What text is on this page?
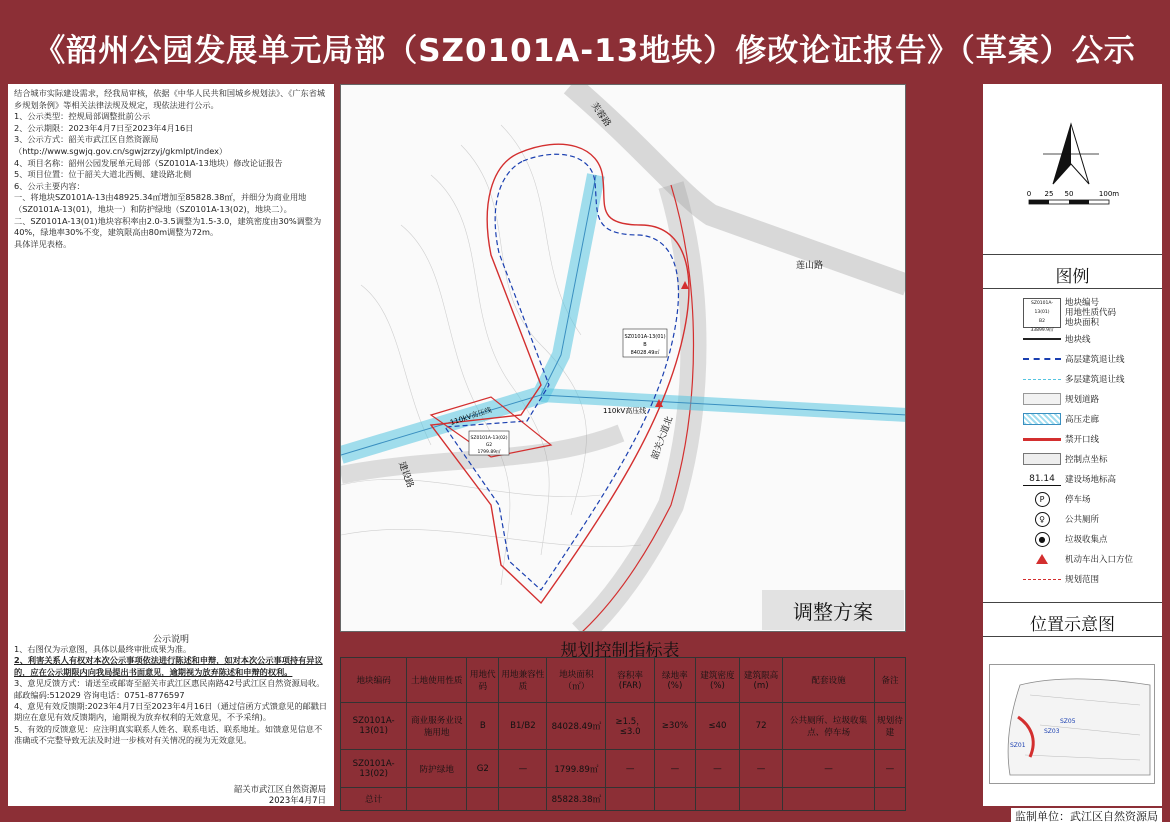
《韶州公园发展单元局部（SZ0101A-13地块）修改论证报告》（草案）公示

结合城市实际建设需求，经我局审核，依据《中华人民共和国城乡规划法》、《广东省城乡规划条例》等相关法律法规及规定，现依法进行公示。

1、公示类型：控规局部调整批前公示

2、公示期限：2023年4月7日至2023年4月16日

3、公示方式：韶关市武江区自然资源局（http://www.sgwjq.gov.cn/sgwjzrzyj/gkmlpt/index）

4、项目名称：韶州公园发展单元局部（SZ0101A-13地块）修改论证报告

5、项目位置：位于韶关大道北西侧、建设路北侧

6、公示主要内容：

一、将地块SZ0101A-13由48925.34㎡增加至85828.38㎡，并细分为商业用地（SZ0101A-13(01)，地块一）和防护绿地（SZ0101A-13(02)，地块二）。

二、SZ0101A-13(01)地块容积率由2.0-3.5调整为1.5-3.0，建筑密度由30%调整为40%，绿地率30%不变，建筑限高由80m调整为72m。

具体详见表格。

公示说明

1、右图仅为示意图，具体以最终审批成果为准。

2、利害关系人有权对本次公示事项依法进行陈述和申辩，如对本次公示事项持有异议的，应在公示期限内向我局提出书面意见，逾期视为放弃陈述和申辩的权利。

3、意见反馈方式：请送至或邮寄至韶关市武江区惠民南路42号武江区自然资源局收。

邮政编码:512029 咨询电话：0751-8776597

4、意见有效反馈期:2023年4月7日至2023年4月16日（通过信函方式馈意见的邮戳日期应在意见有效反馈期内，逾期视为放弃权利的无效意见，不予采纳)。

5、有效的反馈意见：应注明真实联系人姓名、联系电话、联系地址。如馈意见信息不准确或不完整导致无法及时进一步核对有关情况的视为无效意见。

韶关市武江区自然资源局
2023年4月7日
芙蓉路
莲山路
韶关大道北
建设路
110kV高压线	110kV高压线
SZ0101A-13(01)
B
84028.49㎡
SZ0101A-13(02)
G2
1799.89㎡
调整方案
0 25 50	100m
图例
SZ0101A-13(01)
B2
33899.9㎡
地块编号
用地性质代码
地块面积
地块线
高层建筑退让线
多层建筑退让线
规划道路
高压走廊
禁开口线
控制点坐标
81.14	建设场地标高
P	停车场
♀	公共厕所
●	垃圾收集点
机动车出入口方位
规划范围
位置示意图
SZ05
SZ03
SZ01
规划控制指标表
地块编码	土地使用性质	用地代码	用地兼容性质	地块面积（㎡）	容积率(FAR)	绿地率(%)	建筑密度(%)	建筑限高(m)	配套设施	备注
SZ0101A-13(01)	商业服务业设施用地	B	B1/B2	84028.49㎡	≥1.5，≤3.0	≥30%	≤40	72	公共厕所、垃圾收集点、停车场	规划待建
SZ0101A-13(02)	防护绿地	G2	—	1799.89㎡	—	—	—	—	—	—
总计				85828.38㎡						
监制单位：武江区自然资源局
